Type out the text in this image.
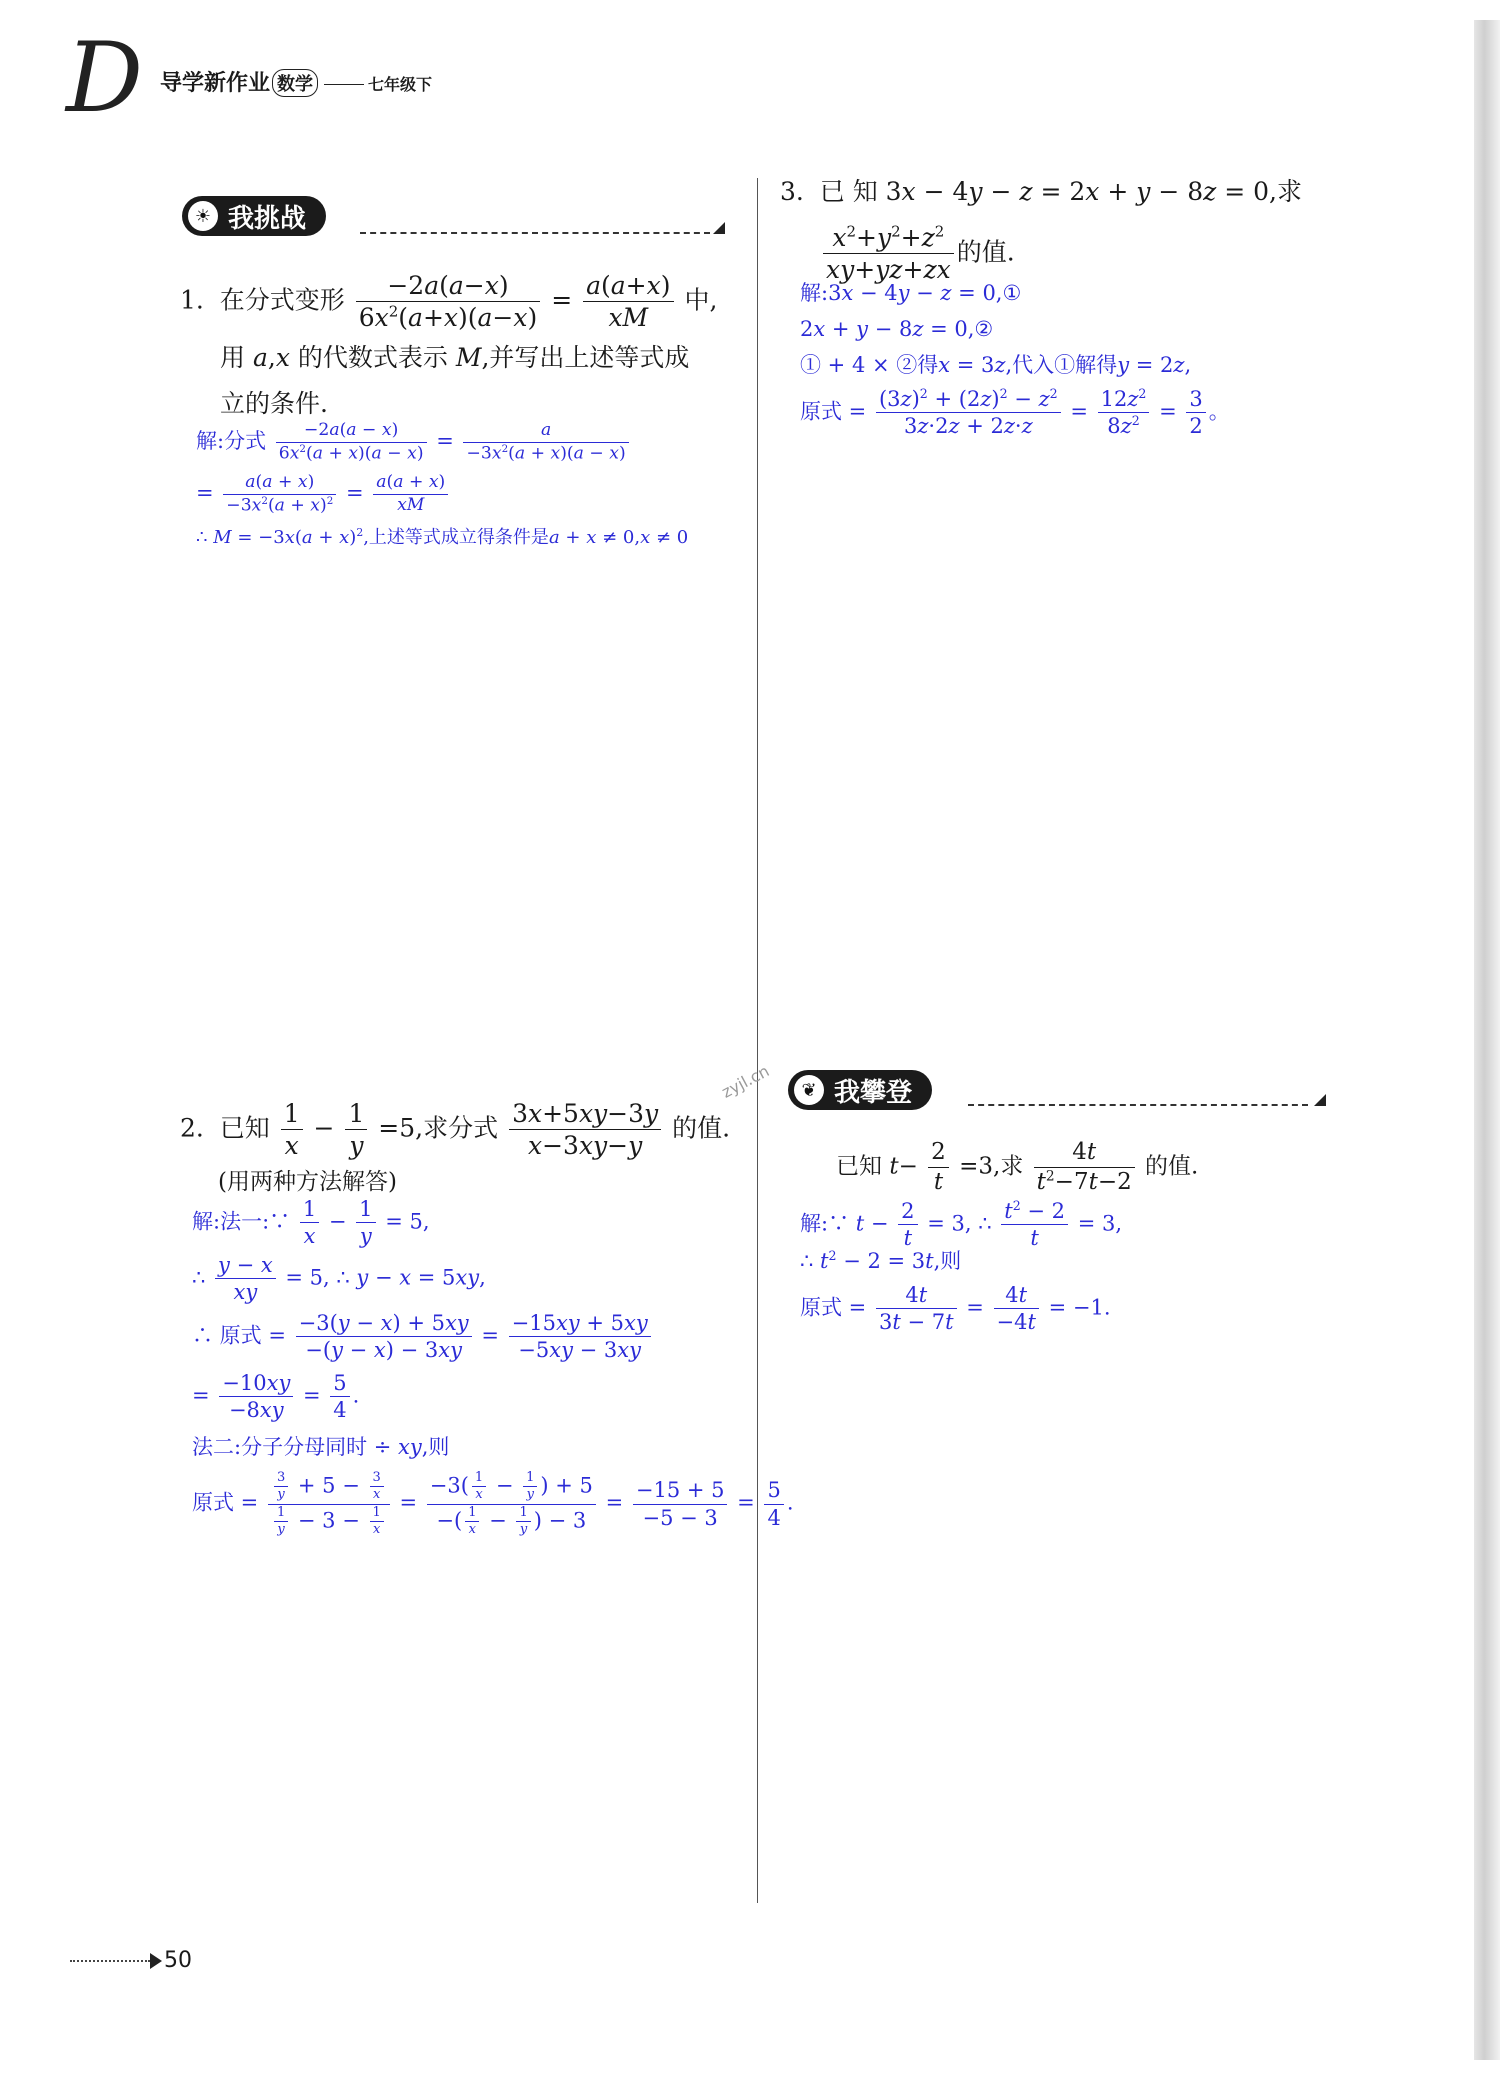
D 导学新作业 数学	七年级下
☀ 我挑战
1.  在分式变形 $\frac{-2a(a-x)}{6x^2(a+x)(a-x)} = \frac{a(a+x)}{xM}$ 中,
用 a,x 的代数式表示 M,并写出上述等式成
立的条件.
解:分式 $\frac{-2a(a - x)}{6x^2(a + x)(a - x)} = \frac{a}{-3x^2(a + x)(a - x)}$
= $\frac{a(a + x)}{-3x^2(a + x)^2} = \frac{a(a + x)}{xM}$
∴ $M = -3x(a + x)^2$,上述等式成立得条件是a + x ≠ 0,x ≠ 0
2.  已知 $\frac{1}{x} - \frac{1}{y} =5$,求分式 $\frac{3x+5xy-3y}{x-3xy-y}$ 的值.
(用两种方法解答)
解:法一:∵ $\frac{1}{x} - \frac{1}{y} = 5$,
∴ $\frac{y - x}{xy} = 5$, ∴ y − x = 5xy,
∴ 原式 = $\frac{-3(y - x) + 5xy}{-(y - x) - 3xy} = \frac{-15xy + 5xy}{-5xy - 3xy}$
= $\frac{-10xy}{-8xy} = \frac{5}{4}$ .
法二:分子分母同时 ÷ xy,则
原式 = $\frac{\frac{3}{y} + 5 - \frac{3}{x}}{\frac{1}{y} - 3 - \frac{1}{x}} = \frac{-3( \frac{1}{x} - \frac{1}{y} ) + 5}{-( \frac{1}{x} - \frac{1}{y} ) - 3} = \frac{-15 + 5}{-5 - 3} = \frac{5}{4}$ .
3.  已 知 3x − 4y − z = 2x + y − 8z = 0,求
$\frac{x^2+y^2+z^2}{xy+yz+zx}$ 的值.
解:3x − 4y − z = 0,①
2x + y − 8z = 0,②
① + 4 × ②得x = 3z,代入①解得y = 2z,
原式 = $\frac{(3z)^2 + (2z)^2 - z^2}{3z\cdot 2z + 2z\cdot z} = \frac{12z^2}{8z^2} = \frac{3}{2}$ 。
❦ 我攀登
zyjl.cn
已知 $t- \frac{2}{t} =3$,求 $\frac{4t}{t^2-7t-2}$ 的值.
解:∵ $t - \frac{2}{t} = 3$, ∴ $\frac{t^2 - 2}{t} = 3$,
∴ $t^2 - 2 = 3t$,则
原式 = $\frac{4t}{3t - 7t} = \frac{4t}{-4t} = -1$.
50
